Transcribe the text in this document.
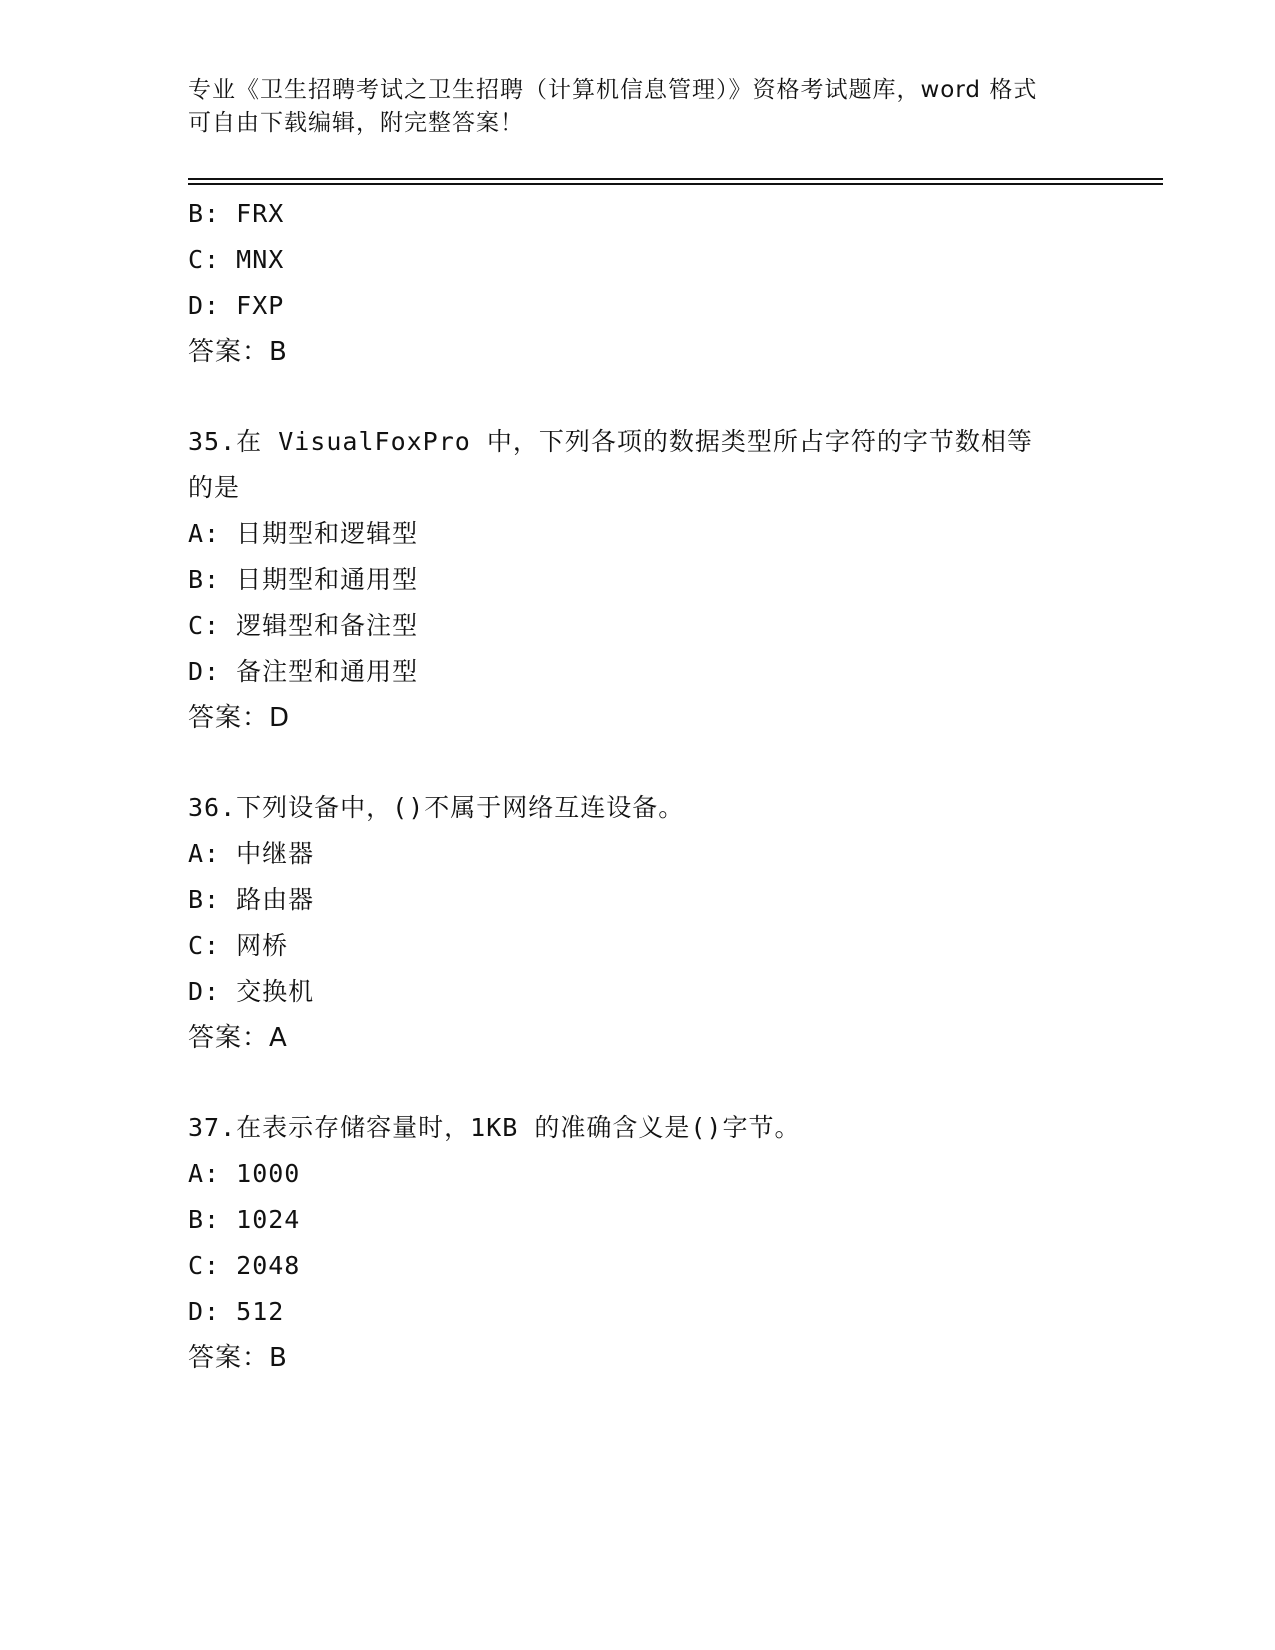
专业《卫生招聘考试之卫生招聘（计算机信息管理）》资格考试题库，word 格式
可自由下载编辑，附完整答案！
B: FRX
C: MNX
D: FXP
答案：B
35.在 VisualFoxPro 中，下列各项的数据类型所占字符的字节数相等
的是
A: 日期型和逻辑型
B: 日期型和通用型
C: 逻辑型和备注型
D: 备注型和通用型
答案：D
36.下列设备中，()不属于网络互连设备。
A: 中继器
B: 路由器
C: 网桥
D: 交换机
答案：A
37.在表示存储容量时，1KB 的准确含义是()字节。
A: 1000
B: 1024
C: 2048
D: 512
答案：B
